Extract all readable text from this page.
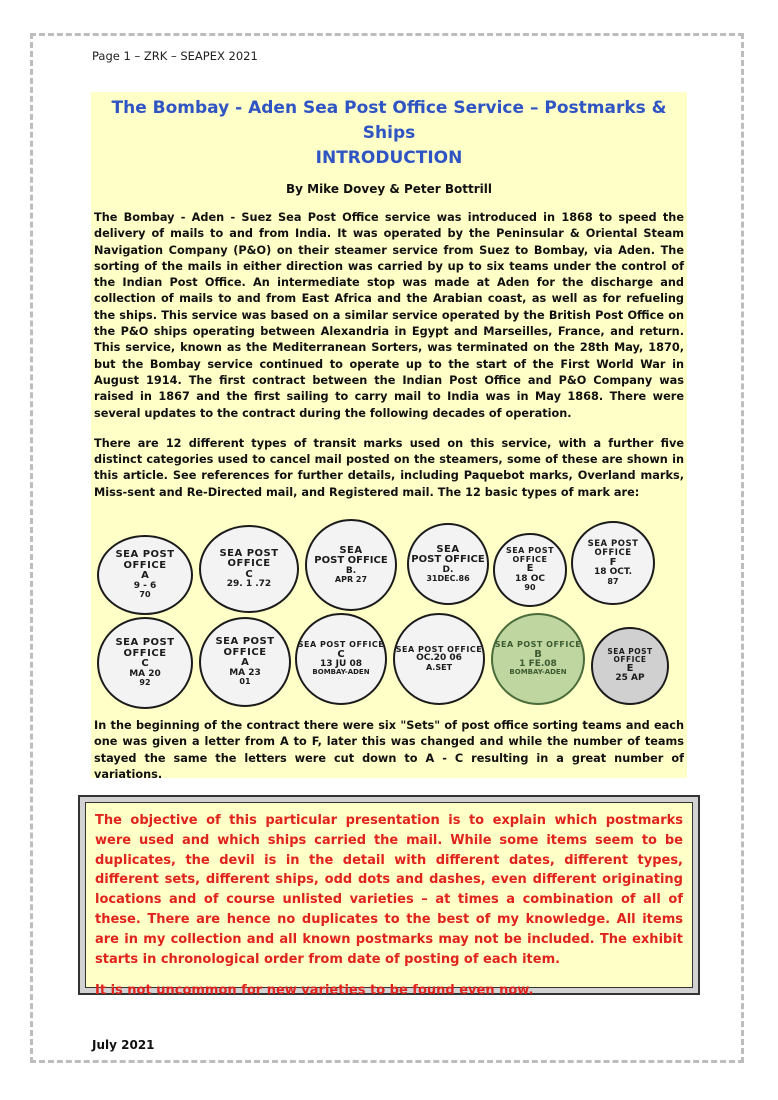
Page 1 – ZRK – SEAPEX 2021
The Bombay - Aden Sea Post Office Service – Postmarks & Ships
INTRODUCTION
By Mike Dovey & Peter Bottrill

The Bombay - Aden - Suez Sea Post Office service was introduced in 1868 to speed the delivery of mails to and from India. It was operated by the Peninsular & Oriental Steam Navigation Company (P&O) on their steamer service from Suez to Bombay, via Aden. The sorting of the mails in either direction was carried by up to six teams under the control of the Indian Post Office. An intermediate stop was made at Aden for the discharge and collection of mails to and from East Africa and the Arabian coast, as well as for refueling the ships. This service was based on a similar service operated by the British Post Office on the P&O ships operating between Alexandria in Egypt and Marseilles, France, and return. This service, known as the Mediterranean Sorters, was terminated on the 28th May, 1870, but the Bombay service continued to operate up to the start of the First World War in August 1914. The first contract between the Indian Post Office and P&O Company was raised in 1867 and the first sailing to carry mail to India was in May 1868. There were several updates to the contract during the following decades of operation.

There are 12 different types of transit marks used on this service, with a further five distinct categories used to cancel mail posted on the steamers, some of these are shown in this article. See references for further details, including Paquebot marks, Overland marks, Miss-sent and Re-Directed mail, and Registered mail. The 12 basic types of mark are:

SEA POST OFFICE
A
9 - 6
70
SEA POST OFFICE
C
29. 1 .72
SEA
POST OFFICE
B.
APR 27
SEA
POST OFFICE
D.
31DEC.86
SEA POST OFFICE
E
18 OC
90
SEA POST OFFICE
F
18 OCT.
87
SEA POST OFFICE
C
MA 20
92
SEA POST OFFICE
A
MA 23
01
SEA POST OFFICE
C
13 JU 08
BOMBAY-ADEN
SEA POST OFFICE
OC.20 06
A.SET
SEA POST OFFICE
B
1 FE.08
BOMBAY-ADEN
SEA POST OFFICE
E
25 AP
In the beginning of the contract there were six "Sets" of post office sorting teams and each one was given a letter from A to F, later this was changed and while the number of teams stayed the same the letters were cut down to A - C resulting in a great number of variations.

The objective of this particular presentation is to explain which postmarks were used and which ships carried the mail. While some items seem to be duplicates, the devil is in the detail with different dates, different types, different sets, different ships, odd dots and dashes, even different originating locations and of course unlisted varieties – at times a combination of all of these. There are hence no duplicates to the best of my knowledge. All items are in my collection and all known postmarks may not be included. The exhibit starts in chronological order from date of posting of each item.

It is not uncommon for new varieties to be found even now.

July 2021
